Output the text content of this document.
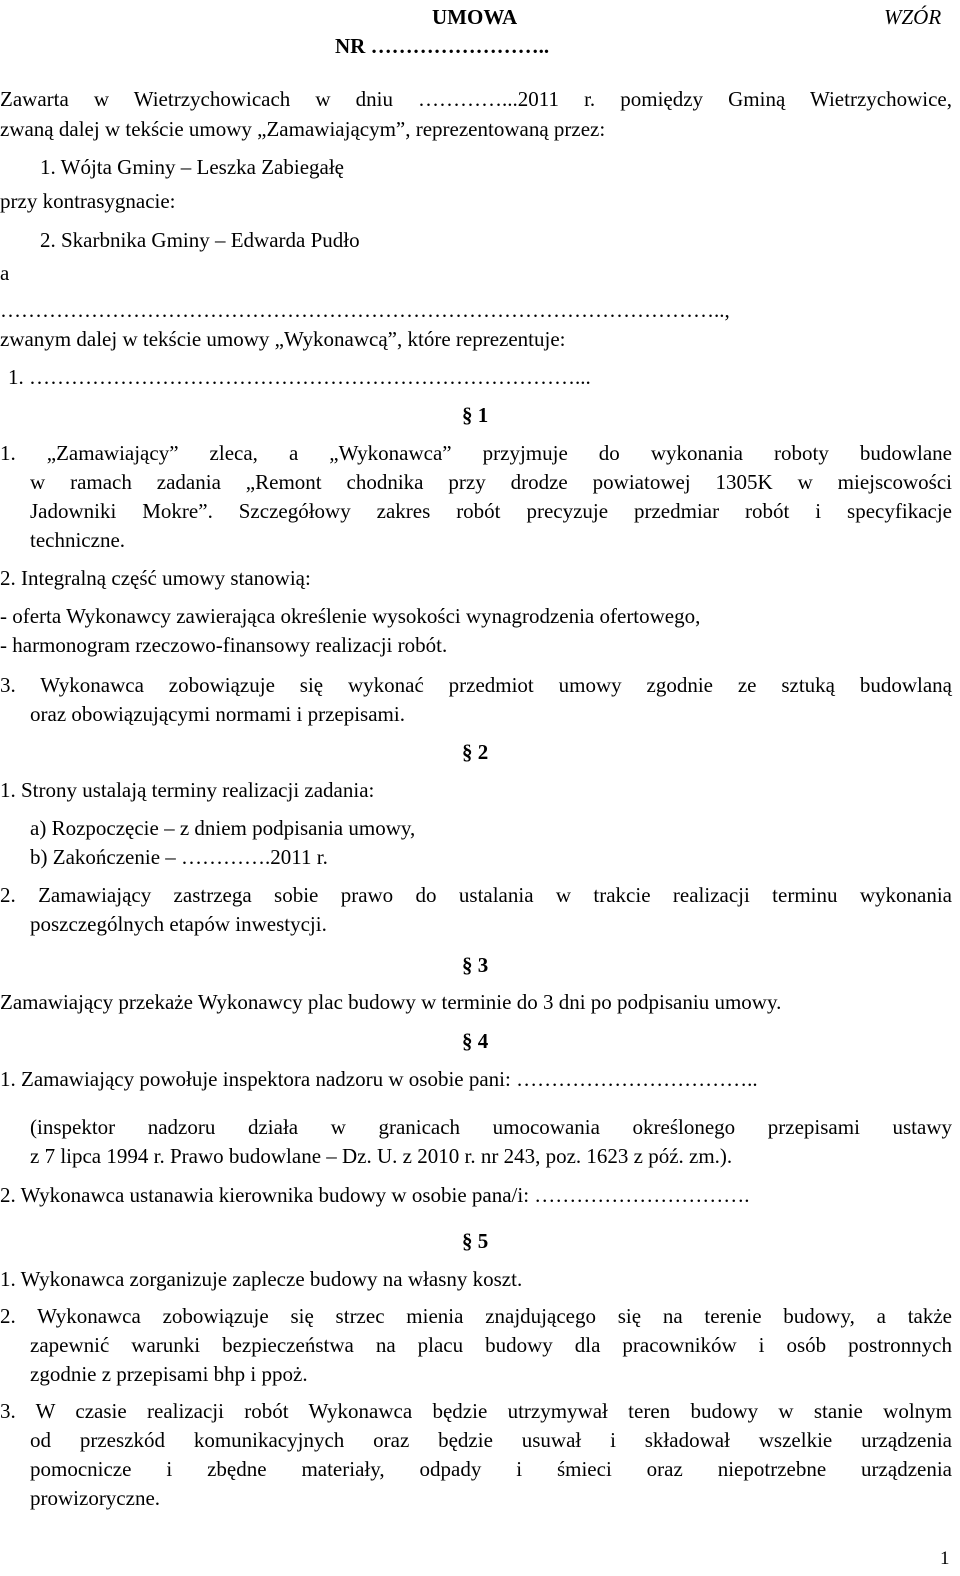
UMOWA
NR ……………………..
WZÓR
Zawarta w Wietrzychowicach w dniu …………...2011 r. pomiędzy Gminą Wietrzychowice,
zwaną dalej w tekście umowy „Zamawiającym”, reprezentowaną przez:
1. Wójta Gminy – Leszka Zabiegałę
przy kontrasygnacie:
2. Skarbnika Gminy – Edwarda Pudło
a
…………………………………………………………………………………………..,
zwanym dalej w tekście umowy „Wykonawcą”, które reprezentuje:
1. ……………………………………………………………………...
§ 1
1. „Zamawiający” zleca, a „Wykonawca” przyjmuje do wykonania roboty budowlane
w ramach zadania „Remont chodnika przy drodze powiatowej 1305K w miejscowości
Jadowniki Mokre”. Szczegółowy zakres robót precyzuje przedmiar robót i specyfikacje
techniczne.
2. Integralną część umowy stanowią:
- oferta Wykonawcy zawierająca określenie wysokości wynagrodzenia ofertowego,
- harmonogram rzeczowo-finansowy realizacji robót.
3. Wykonawca zobowiązuje się wykonać przedmiot umowy zgodnie ze sztuką budowlaną
oraz obowiązującymi normami i przepisami.
§ 2
1. Strony ustalają terminy realizacji zadania:
a) Rozpoczęcie – z dniem podpisania umowy,
b) Zakończenie – ………….2011 r.
2. Zamawiający zastrzega sobie prawo do ustalania w trakcie realizacji terminu wykonania
poszczególnych etapów inwestycji.
§ 3
Zamawiający przekaże Wykonawcy plac budowy w terminie do 3 dni po podpisaniu umowy.
§ 4
1. Zamawiający powołuje inspektora nadzoru w osobie pani: ……………………………..
(inspektor nadzoru działa w granicach umocowania określonego przepisami ustawy
z 7 lipca 1994 r. Prawo budowlane – Dz. U. z 2010 r. nr 243, poz. 1623 z póź. zm.).
2. Wykonawca ustanawia kierownika budowy w osobie pana/i: ………………………….
§ 5
1. Wykonawca zorganizuje zaplecze budowy na własny koszt.
2. Wykonawca zobowiązuje się strzec mienia znajdującego się na terenie budowy, a także
zapewnić warunki bezpieczeństwa na placu budowy dla pracowników i osób postronnych
zgodnie z przepisami bhp i ppoż.
3. W czasie realizacji robót Wykonawca będzie utrzymywał teren budowy w stanie wolnym
od przeszkód komunikacyjnych oraz będzie usuwał i składował wszelkie urządzenia
pomocnicze i zbędne materiały, odpady i śmieci oraz niepotrzebne urządzenia
prowizoryczne.
1
